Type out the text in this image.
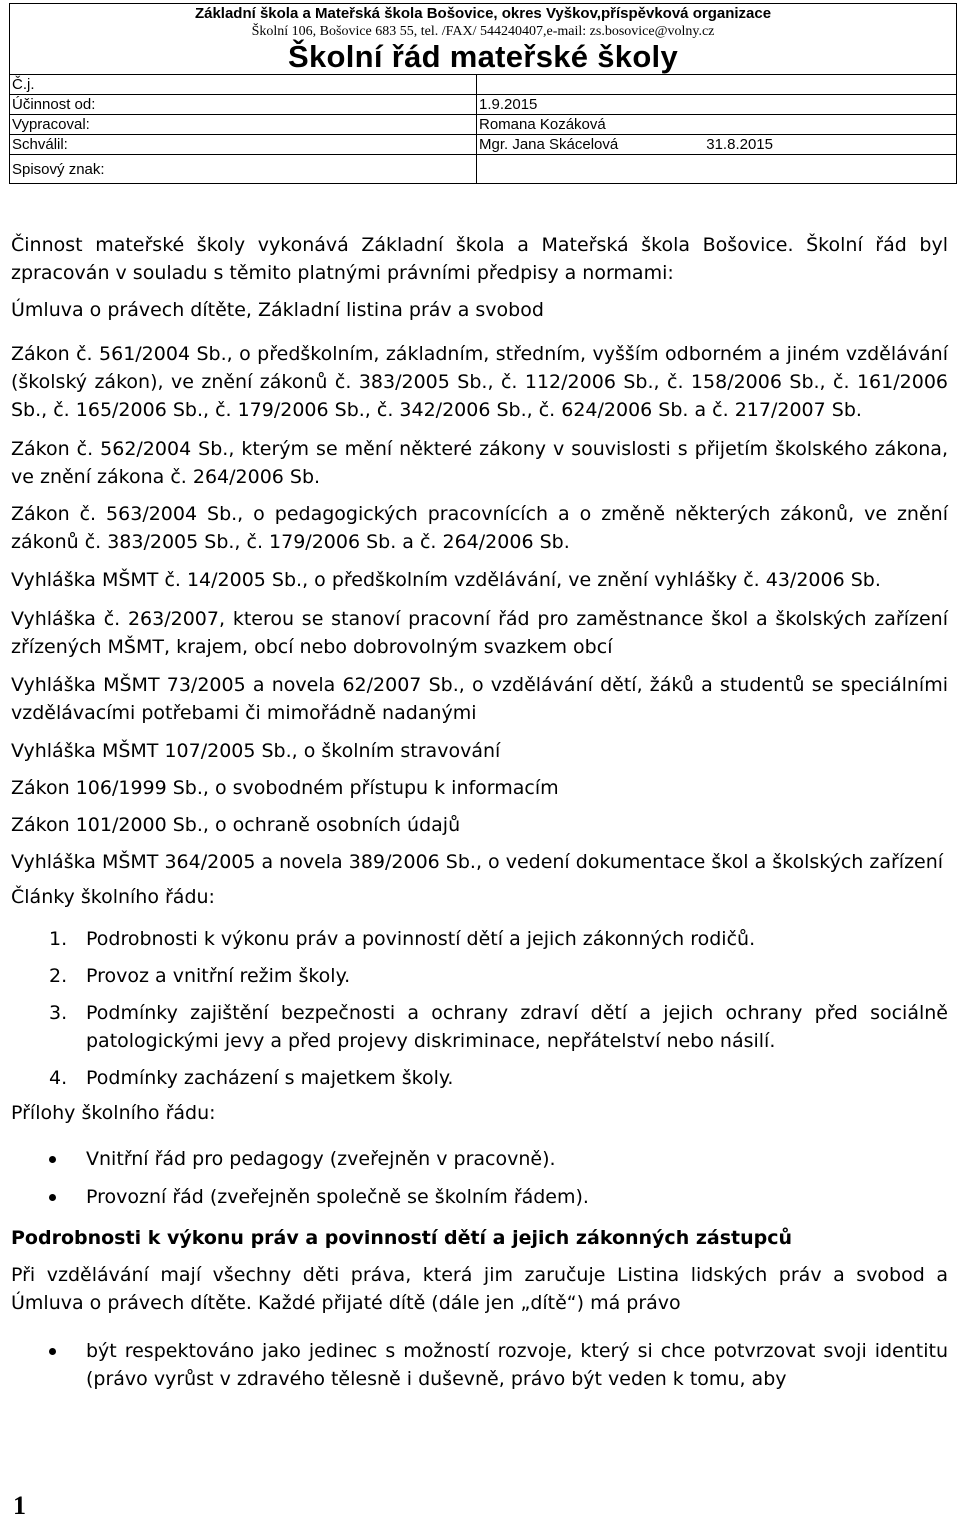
Základní škola a Mateřská škola Bošovice, okres Vyškov,příspěvková organizace
Školní 106, Bošovice 683 55, tel. /FAX/ 544240407,e-mail: zs.bosovice@volny.cz
Školní řád mateřské školy	

Č.j.	
Účinnost od:	1.9.2015
Vypracoval:	Romana Kozáková
Schválil:	Mgr. Jana Skácelová 31.8.2015
Spisový znak:	

Činnost mateřské školy vykonává Základní škola a Mateřská škola Bošovice. Školní řád byl zpracován v souladu s těmito platnými právními předpisy a normami:

Úmluva o právech dítěte, Základní listina práv a svobod

Zákon č. 561/2004 Sb., o předškolním, základním, středním, vyšším odborném a jiném vzdělávání (školský zákon), ve znění zákonů č. 383/2005 Sb., č. 112/2006 Sb., č. 158/2006 Sb., č. 161/2006 Sb., č. 165/2006 Sb., č. 179/2006 Sb., č. 342/2006 Sb., č. 624/2006 Sb. a č. 217/2007 Sb.

Zákon č. 562/2004 Sb., kterým se mění některé zákony v souvislosti s přijetím školského zákona, ve znění zákona č. 264/2006 Sb.

Zákon č. 563/2004 Sb., o pedagogických pracovnících a o změně některých zákonů, ve znění zákonů č. 383/2005 Sb., č. 179/2006 Sb. a č. 264/2006 Sb.

Vyhláška MŠMT č. 14/2005 Sb., o předškolním vzdělávání, ve znění vyhlášky č. 43/2006 Sb.

Vyhláška č. 263/2007, kterou se stanoví pracovní řád pro zaměstnance škol a školských zařízení zřízených MŠMT, krajem, obcí nebo dobrovolným svazkem obcí

Vyhláška MŠMT 73/2005 a novela 62/2007 Sb., o vzdělávání dětí, žáků a studentů se speciálními vzdělávacími potřebami či mimořádně nadanými

Vyhláška MŠMT 107/2005 Sb., o školním stravování

Zákon 106/1999 Sb., o svobodném přístupu k informacím

Zákon 101/2000 Sb., o ochraně osobních údajů

Vyhláška MŠMT 364/2005 a novela 389/2006 Sb., o vedení dokumentace škol a školských zařízení

Články školního řádu:

1. Podrobnosti k výkonu práv a povinností dětí a jejich zákonných rodičů.
2. Provoz a vnitřní režim školy.
3. Podmínky zajištění bezpečnosti a ochrany zdraví dětí a jejich ochrany před sociálně patologickými jevy a před projevy diskriminace, nepřátelství nebo násilí.
4. Podmínky zacházení s majetkem školy.

Přílohy školního řádu:

Vnitřní řád pro pedagogy (zveřejněn v pracovně).
Provozní řád (zveřejněn společně se školním řádem).

Podrobnosti k výkonu práv a povinností dětí a jejich zákonných zástupců

Při vzdělávání mají všechny děti práva, která jim zaručuje Listina lidských práv a svobod a Úmluva o právech dítěte. Každé přijaté dítě (dále jen „dítě“) má právo

být respektováno jako jedinec s možností rozvoje, který si chce potvrzovat svoji identitu (právo vyrůst v zdravého tělesně i duševně, právo být veden k tomu, aby
1
